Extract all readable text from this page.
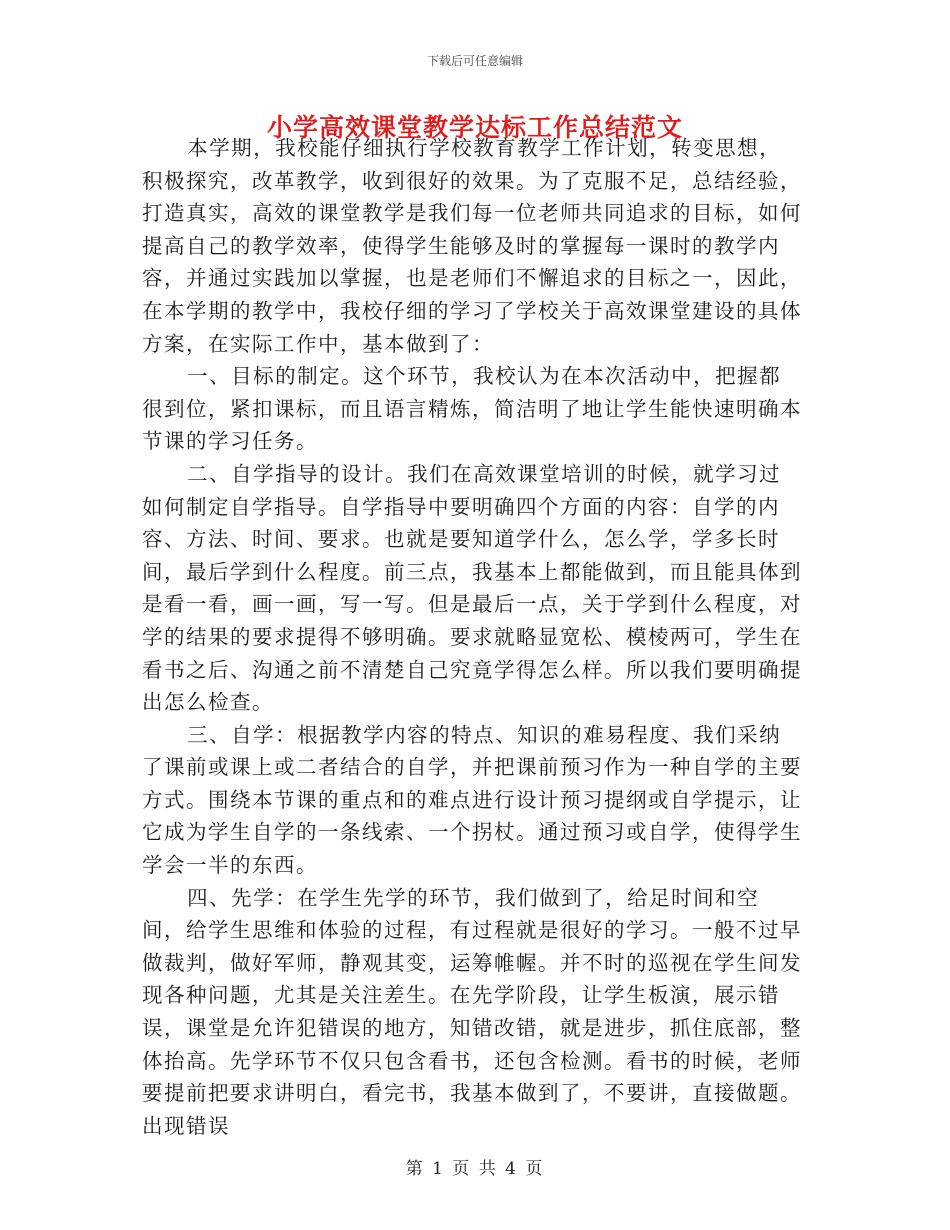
下载后可任意编辑
小学高效课堂教学达标工作总结范文

本学期，我校能仔细执行学校教育教学工作计划，转变思想，积极探究，改革教学，收到很好的效果。为了克服不足，总结经验，打造真实，高效的课堂教学是我们每一位老师共同追求的目标，如何提高自己的教学效率，使得学生能够及时的掌握每一课时的教学内容，并通过实践加以掌握，也是老师们不懈追求的目标之一，因此，在本学期的教学中，我校仔细的学习了学校关于高效课堂建设的具体方案，在实际工作中，基本做到了：

一、目标的制定。这个环节，我校认为在本次活动中，把握都很到位，紧扣课标，而且语言精炼，简洁明了地让学生能快速明确本节课的学习任务。

二、自学指导的设计。我们在高效课堂培训的时候，就学习过如何制定自学指导。自学指导中要明确四个方面的内容：自学的内容、方法、时间、要求。也就是要知道学什么，怎么学，学多长时间，最后学到什么程度。前三点，我基本上都能做到，而且能具体到是看一看，画一画，写一写。但是最后一点，关于学到什么程度，对学的结果的要求提得不够明确。要求就略显宽松、模棱两可，学生在看书之后、沟通之前不清楚自己究竟学得怎么样。所以我们要明确提出怎么检查。

三、自学：根据教学内容的特点、知识的难易程度、我们采纳了课前或课上或二者结合的自学，并把课前预习作为一种自学的主要方式。围绕本节课的重点和的难点进行设计预习提纲或自学提示，让它成为学生自学的一条线索、一个拐杖。通过预习或自学，使得学生学会一半的东西。

四、先学：在学生先学的环节，我们做到了，给足时间和空间，给学生思维和体验的过程，有过程就是很好的学习。一般不过早做裁判，做好军师，静观其变，运筹帷幄。并不时的巡视在学生间发现各种问题，尤其是关注差生。在先学阶段，让学生板演，展示错误，课堂是允许犯错误的地方，知错改错，就是进步，抓住底部，整体抬高。先学环节不仅只包含看书，还包含检测。看书的时候，老师要提前把要求讲明白，看完书，我基本做到了，不要讲，直接做题。出现错误

第 1 页 共 4 页
